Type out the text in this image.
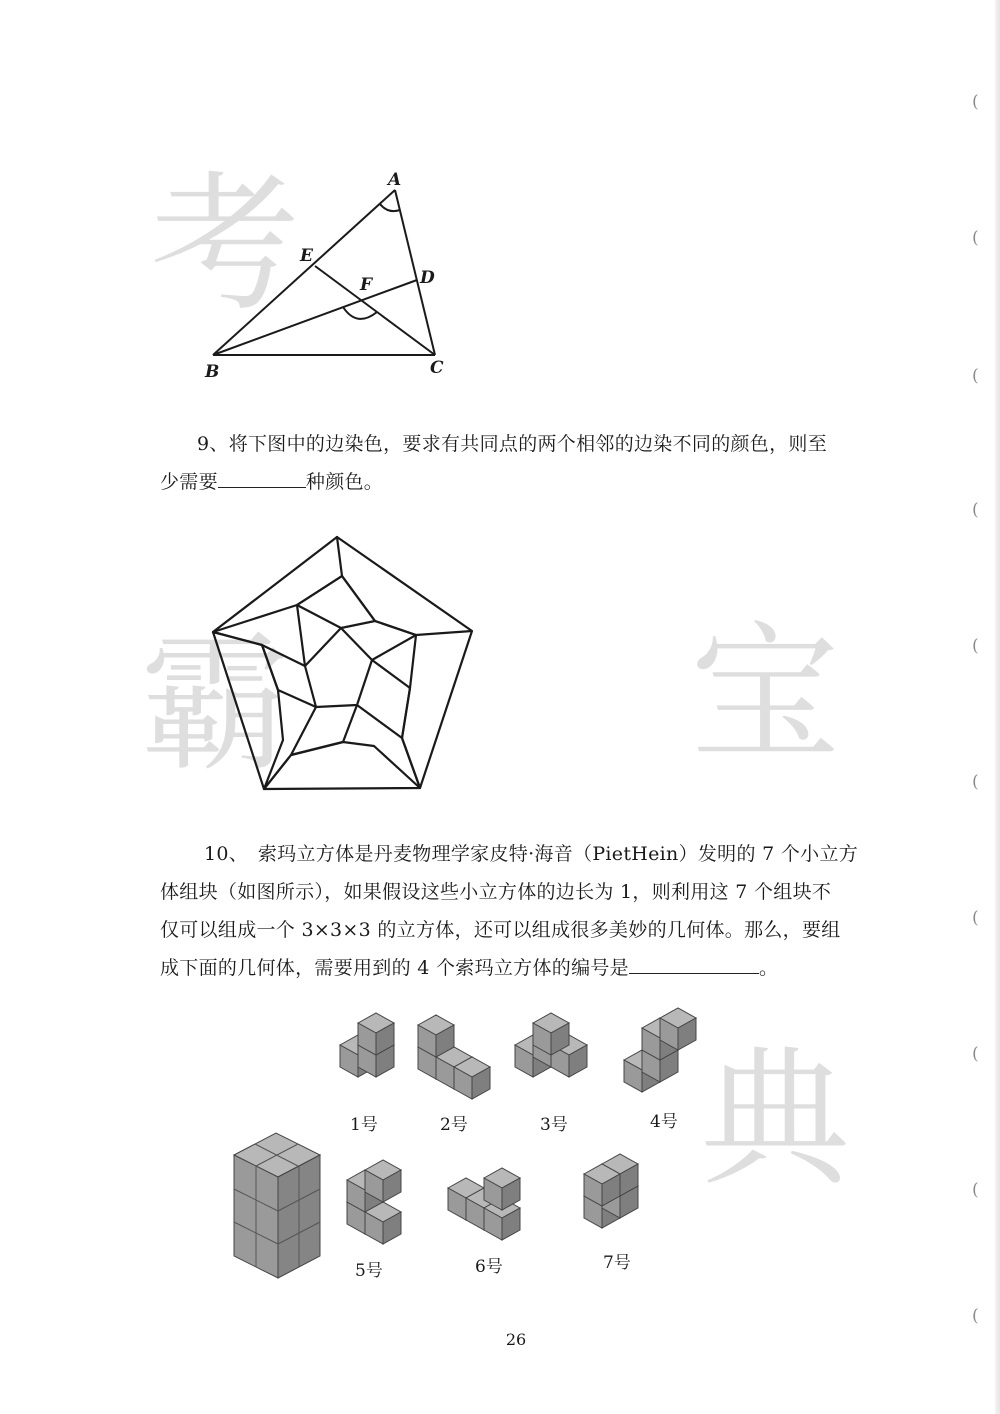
考
霸	宝
典
(
(
(
(
(
(
(
(
(
(
A
B	C
D
E
F
9、将下图中的边染色，要求有共同点的两个相邻的边染不同的颜色，则至
少需要	种颜色。
10、　索玛立方体是丹麦物理学家皮特·海音（PietHein）发明的 7 个小立方
体组块（如图所示），如果假设这些小立方体的边长为 1，则利用这 7 个组块不
仅可以组成一个 3×3×3 的立方体，还可以组成很多美妙的几何体。那么，要组
成下面的几何体，需要用到的 4 个索玛立方体的编号是	。
1号	2号	3号	4号
5号	6号	7号
26
